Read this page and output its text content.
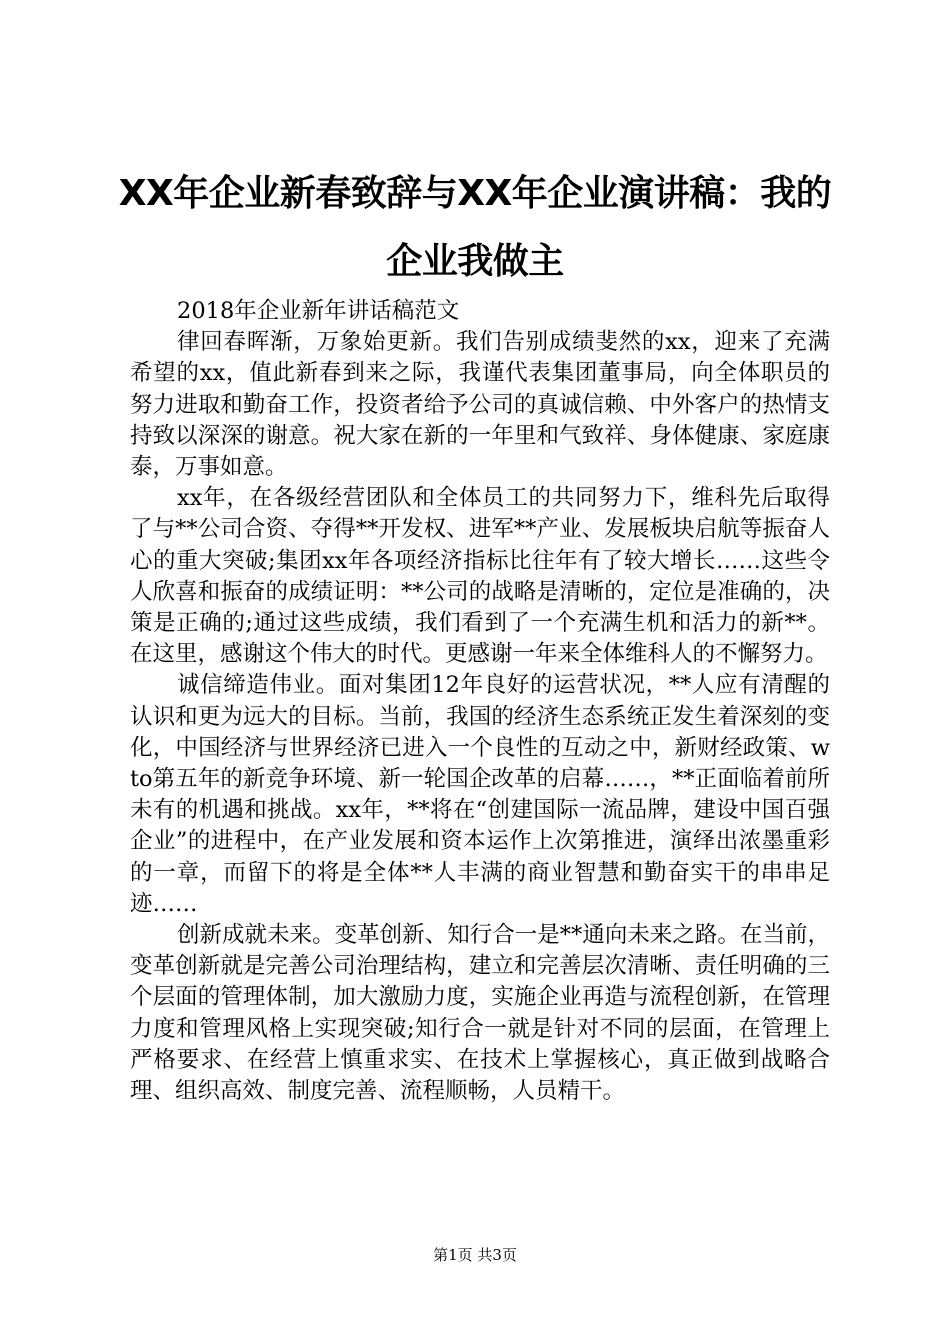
XX年企业新春致辞与XX年企业演讲稿：我的企业我做主

2018年企业新年讲话稿范文

律回春晖渐，万象始更新。我们告别成绩斐然的xx，迎来了充满希望的xx，值此新春到来之际，我谨代表集团董事局，向全体职员的努力进取和勤奋工作，投资者给予公司的真诚信赖、中外客户的热情支持致以深深的谢意。祝大家在新的一年里和气致祥、身体健康、家庭康泰，万事如意。

xx年，在各级经营团队和全体员工的共同努力下，维科先后取得了与**公司合资、夺得**开发权、进军**产业、发展板块启航等振奋人心的重大突破;集团xx年各项经济指标比往年有了较大增长……这些令人欣喜和振奋的成绩证明：**公司的战略是清晰的，定位是准确的，决策是正确的;通过这些成绩，我们看到了一个充满生机和活力的新**。在这里，感谢这个伟大的时代。更感谢一年来全体维科人的不懈努力。

诚信缔造伟业。面对集团12年良好的运营状况，**人应有清醒的认识和更为远大的目标。当前，我国的经济生态系统正发生着深刻的变化，中国经济与世界经济已进入一个良性的互动之中，新财经政策、wto第五年的新竞争环境、新一轮国企改革的启幕……，**正面临着前所未有的机遇和挑战。xx年，**将在“创建国际一流品牌，建设中国百强企业”的进程中，在产业发展和资本运作上次第推进，演绎出浓墨重彩的一章，而留下的将是全体**人丰满的商业智慧和勤奋实干的串串足迹……

创新成就未来。变革创新、知行合一是**通向未来之路。在当前，变革创新就是完善公司治理结构，建立和完善层次清晰、责任明确的三个层面的管理体制，加大激励力度，实施企业再造与流程创新，在管理力度和管理风格上实现突破;知行合一就是针对不同的层面，在管理上严格要求、在经营上慎重求实、在技术上掌握核心，真正做到战略合理、组织高效、制度完善、流程顺畅，人员精干。

第1页 共3页
